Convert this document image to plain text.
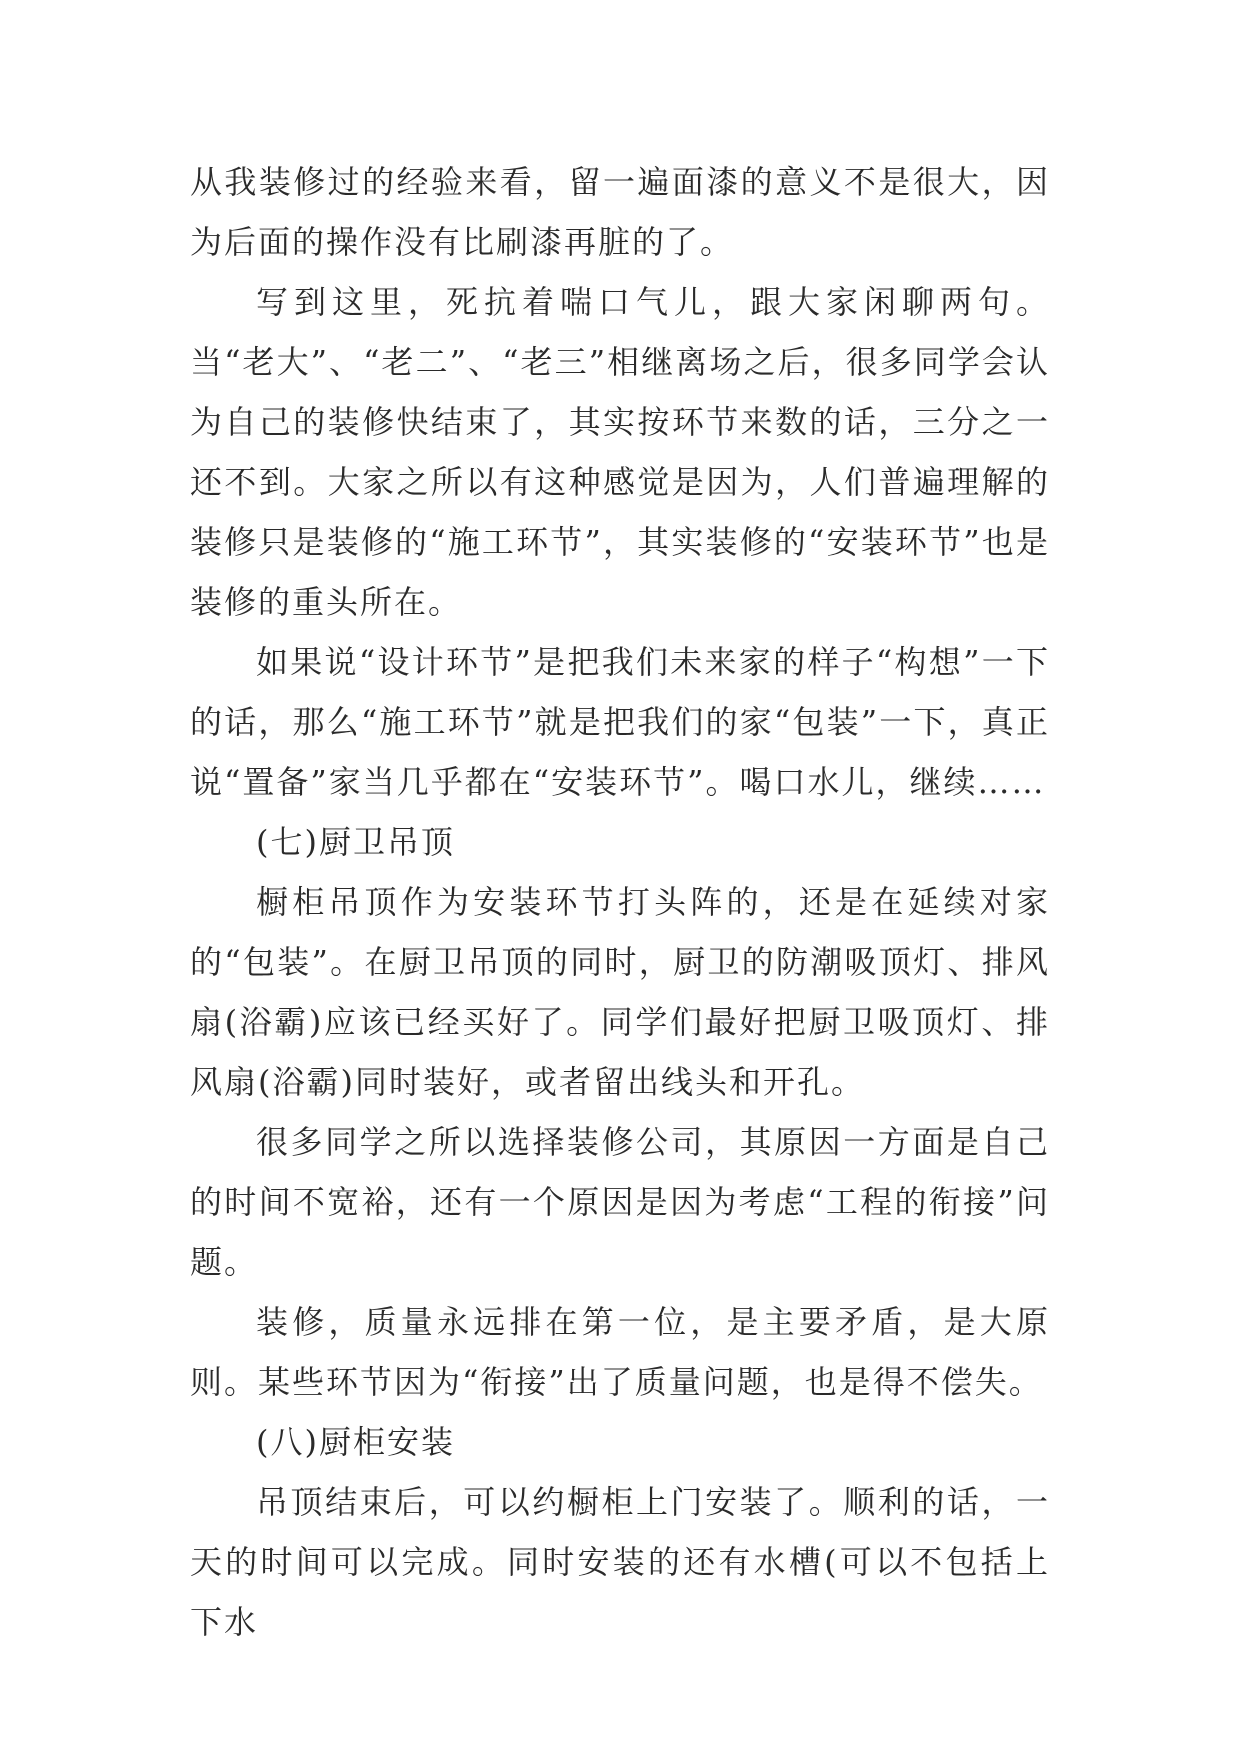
从我装修过的经验来看，留一遍面漆的意义不是很大，因为后面的操作没有比刷漆再脏的了。

写到这里，死抗着喘口气儿，跟大家闲聊两句。当“老大”、“老二”、“老三”相继离场之后，很多同学会认为自己的装修快结束了，其实按环节来数的话，三分之一还不到。大家之所以有这种感觉是因为，人们普遍理解的装修只是装修的“施工环节”，其实装修的“安装环节”也是装修的重头所在。

如果说“设计环节”是把我们未来家的样子“构想”一下的话，那么“施工环节”就是把我们的家“包装”一下，真正说“置备”家当几乎都在“安装环节”。喝口水儿，继续……

(七)厨卫吊顶

橱柜吊顶作为安装环节打头阵的，还是在延续对家的“包装”。在厨卫吊顶的同时，厨卫的防潮吸顶灯、排风扇(浴霸)应该已经买好了。同学们最好把厨卫吸顶灯、排风扇(浴霸)同时装好，或者留出线头和开孔。

很多同学之所以选择装修公司，其原因一方面是自己的时间不宽裕，还有一个原因是因为考虑“工程的衔接”问题。

装修，质量永远排在第一位，是主要矛盾，是大原则。某些环节因为“衔接”出了质量问题，也是得不偿失。

(八)厨柜安装

吊顶结束后，可以约橱柜上门安装了。顺利的话，一天的时间可以完成。同时安装的还有水槽(可以不包括上下水
